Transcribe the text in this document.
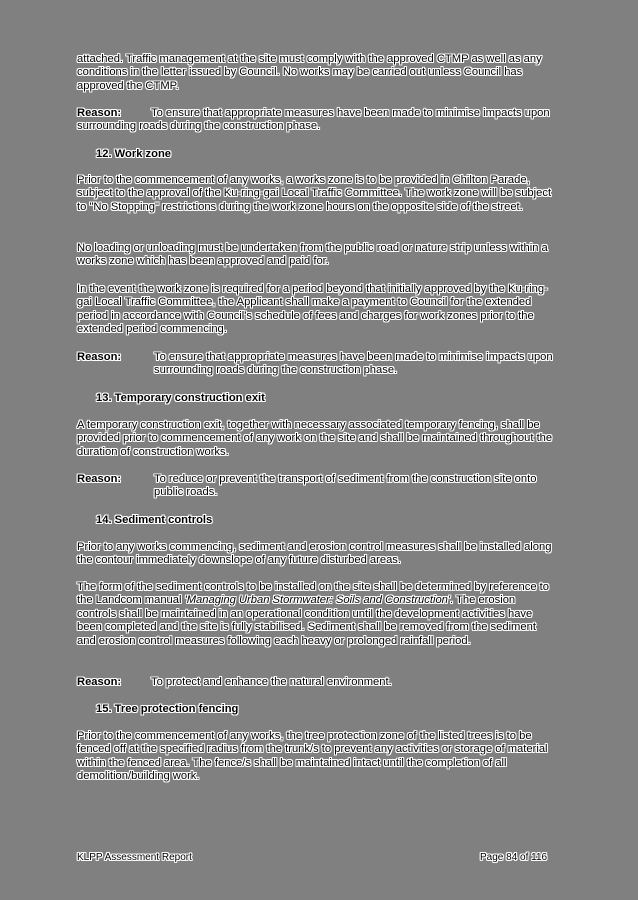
attached. Traffic management at the site must comply with the approved CTMP as well as any conditions in the letter issued by Council. No works may be carried out unless Council has approved the CTMP.

Reason:	To ensure that appropriate measures have been made to minimise impacts upon surrounding roads during the construction phase.

12. Work zone

Prior to the commencement of any works, a works zone is to be provided in Chilton Parade, subject to the approval of the Ku-ring-gai Local Traffic Committee. The work zone will be subject to "No Stopping" restrictions during the work zone hours on the opposite side of the street.

No loading or unloading must be undertaken from the public road or nature strip unless within a works zone which has been approved and paid for.

In the event the work zone is required for a period beyond that initially approved by the Ku-ring-gai Local Traffic Committee, the Applicant shall make a payment to Council for the extended period in accordance with Council's schedule of fees and charges for work zones prior to the extended period commencing.

Reason:	To ensure that appropriate measures have been made to minimise impacts upon surrounding roads during the construction phase.

13. Temporary construction exit

A temporary construction exit, together with necessary associated temporary fencing, shall be provided prior to commencement of any work on the site and shall be maintained throughout the duration of construction works.

Reason:	To reduce or prevent the transport of sediment from the construction site onto public roads.

14. Sediment controls

Prior to any works commencing, sediment and erosion control measures shall be installed along the contour immediately downslope of any future disturbed areas.

The form of the sediment controls to be installed on the site shall be determined by reference to the Landcom manual 'Managing Urban Stormwater: Soils and Construction'. The erosion controls shall be maintained in an operational condition until the development activities have been completed and the site is fully stabilised. Sediment shall be removed from the sediment and erosion control measures following each heavy or prolonged rainfall period.

Reason:	To protect and enhance the natural environment.

15. Tree protection fencing

Prior to the commencement of any works, the tree protection zone of the listed trees is to be fenced off at the specified radius from the trunk/s to prevent any activities or storage of material within the fenced area. The fence/s shall be maintained intact until the completion of all demolition/building work.

KLPP Assessment Report	Page 84 of 116
